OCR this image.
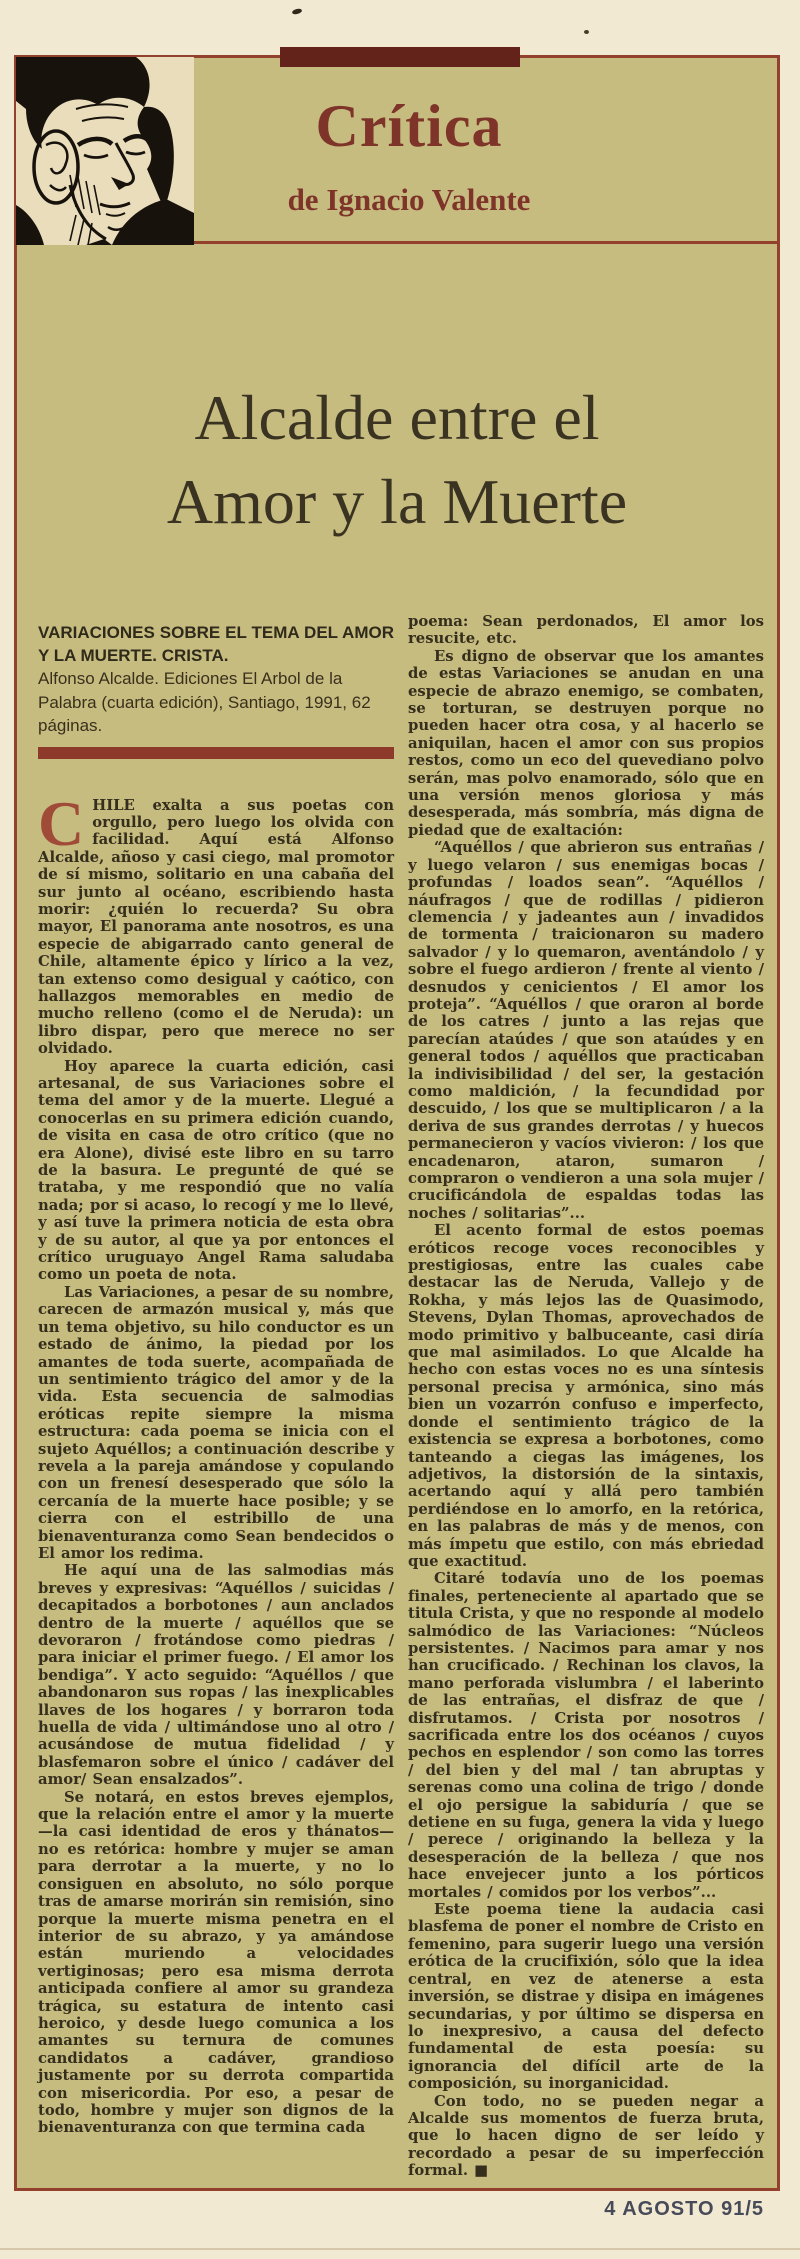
Crítica
de Ignacio Valente
Alcalde entre el
Amor y la Muerte
VARIACIONES SOBRE EL TEMA DEL AMOR Y LA MUERTE. CRISTA.
Alfonso Alcalde. Ediciones El Arbol de la Palabra (cuarta edición), Santiago, 1991, 62 páginas.

CHILE exalta a sus poetas con orgullo, pero luego los olvida con facilidad. Aquí está Alfonso Alcalde, añoso y casi ciego, mal promotor de sí mismo, solitario en una cabaña del sur junto al océano, escribiendo hasta morir: ¿quién lo recuerda? Su obra mayor, El panorama ante nosotros, es una especie de abigarrado canto general de Chile, altamente épico y lírico a la vez, tan extenso como desigual y caótico, con hallazgos memorables en medio de mucho relleno (como el de Neruda): un libro dispar, pero que merece no ser olvidado.

Hoy aparece la cuarta edición, casi artesanal, de sus Variaciones sobre el tema del amor y de la muerte. Llegué a conocerlas en su primera edición cuando, de visita en casa de otro crítico (que no era Alone), divisé este libro en su tarro de la basura. Le pregunté de qué se trataba, y me respondió que no valía nada; por si acaso, lo recogí y me lo llevé, y así tuve la primera noticia de esta obra y de su autor, al que ya por entonces el crítico uruguayo Angel Rama saludaba como un poeta de nota.

Las Variaciones, a pesar de su nombre, carecen de armazón musical y, más que un tema objetivo, su hilo conductor es un estado de ánimo, la piedad por los amantes de toda suerte, acompañada de un sentimiento trágico del amor y de la vida. Esta secuencia de salmodias eróticas repite siempre la misma estructura: cada poema se inicia con el sujeto Aquéllos; a continuación describe y revela a la pareja amándose y copulando con un frenesí desesperado que sólo la cercanía de la muerte hace posible; y se cierra con el estribillo de una bienaventuranza como Sean bendecidos o El amor los redima.

He aquí una de las salmodias más breves y expresivas: “Aquéllos / suicidas / decapitados a borbotones / aun anclados dentro de la muerte / aquéllos que se devoraron / frotándose como piedras / para iniciar el primer fuego. / El amor los bendiga”. Y acto seguido: “Aquéllos / que abandonaron sus ropas / las inexplicables llaves de los hogares / y borraron toda huella de vida / ultimándose uno al otro / acusándose de mutua fidelidad / y blasfemaron sobre el único / cadáver del amor/ Sean ensalzados”.

Se notará, en estos breves ejemplos, que la relación entre el amor y la muerte —la casi identidad de eros y thánatos— no es retórica: hombre y mujer se aman para derrotar a la muerte, y no lo consiguen en absoluto, no sólo porque tras de amarse morirán sin remisión, sino porque la muerte misma penetra en el interior de su abrazo, y ya amándose están muriendo a velocidades vertiginosas; pero esa misma derrota anticipada confiere al amor su grandeza trágica, su estatura de intento casi heroico, y desde luego comunica a los amantes su ternura de comunes candidatos a cadáver, grandioso justamente por su derrota compartida con misericordia. Por eso, a pesar de todo, hombre y mujer son dignos de la bienaventuranza con que termina cada

poema: Sean perdonados, El amor los resucite, etc.

Es digno de observar que los amantes de estas Variaciones se anudan en una especie de abrazo enemigo, se combaten, se torturan, se destruyen porque no pueden hacer otra cosa, y al hacerlo se aniquilan, hacen el amor con sus propios restos, como un eco del quevediano polvo serán, mas polvo enamorado, sólo que en una versión menos gloriosa y más desesperada, más sombría, más digna de piedad que de exaltación:

“Aquéllos / que abrieron sus entrañas / y luego velaron / sus enemigas bocas / profundas / loados sean”. “Aquéllos / náufragos / que de rodillas / pidieron clemencia / y jadeantes aun / invadidos de tormenta / traicionaron su madero salvador / y lo quemaron, aventándolo / y sobre el fuego ardieron / frente al viento / desnudos y cenicientos / El amor los proteja”. “Aquéllos / que oraron al borde de los catres / junto a las rejas que parecían ataúdes / que son ataúdes y en general todos / aquéllos que practicaban la indivisibilidad / del ser, la gestación como maldición, / la fecundidad por descuido, / los que se multiplicaron / a la deriva de sus grandes derrotas / y huecos permanecieron y vacíos vivieron: / los que encadenaron, ataron, sumaron / compraron o vendieron a una sola mujer / crucificándola de espaldas todas las noches / solitarias”...

El acento formal de estos poemas eróticos recoge voces reconocibles y prestigiosas, entre las cuales cabe destacar las de Neruda, Vallejo y de Rokha, y más lejos las de Quasimodo, Stevens, Dylan Thomas, aprovechados de modo primitivo y balbuceante, casi diría que mal asimilados. Lo que Alcalde ha hecho con estas voces no es una síntesis personal precisa y armónica, sino más bien un vozarrón confuso e imperfecto, donde el sentimiento trágico de la existencia se expresa a borbotones, como tanteando a ciegas las imágenes, los adjetivos, la distorsión de la sintaxis, acertando aquí y allá pero también perdiéndose en lo amorfo, en la retórica, en las palabras de más y de menos, con más ímpetu que estilo, con más ebriedad que exactitud.

Citaré todavía uno de los poemas finales, perteneciente al apartado que se titula Crista, y que no responde al modelo salmódico de las Variaciones: “Núcleos persistentes. / Nacimos para amar y nos han crucificado. / Rechinan los clavos, la mano perforada vislumbra / el laberinto de las entrañas, el disfraz de que / disfrutamos. / Crista por nosotros / sacrificada entre los dos océanos / cuyos pechos en esplendor / son como las torres / del bien y del mal / tan abruptas y serenas como una colina de trigo / donde el ojo persigue la sabiduría / que se detiene en su fuga, genera la vida y luego / perece / originando la belleza y la desesperación de la belleza / que nos hace envejecer junto a los pórticos mortales / comidos por los verbos”...

Este poema tiene la audacia casi blasfema de poner el nombre de Cristo en femenino, para sugerir luego una versión erótica de la crucifixión, sólo que la idea central, en vez de atenerse a esta inversión, se distrae y disipa en imágenes secundarias, y por último se dispersa en lo inexpresivo, a causa del defecto fundamental de esta poesía: su ignorancia del difícil arte de la composición, su inorganicidad.

Con todo, no se pueden negar a Alcalde sus momentos de fuerza bruta, que lo hacen digno de ser leído y recordado a pesar de su imperfección formal. ■

4 AGOSTO 91/5
